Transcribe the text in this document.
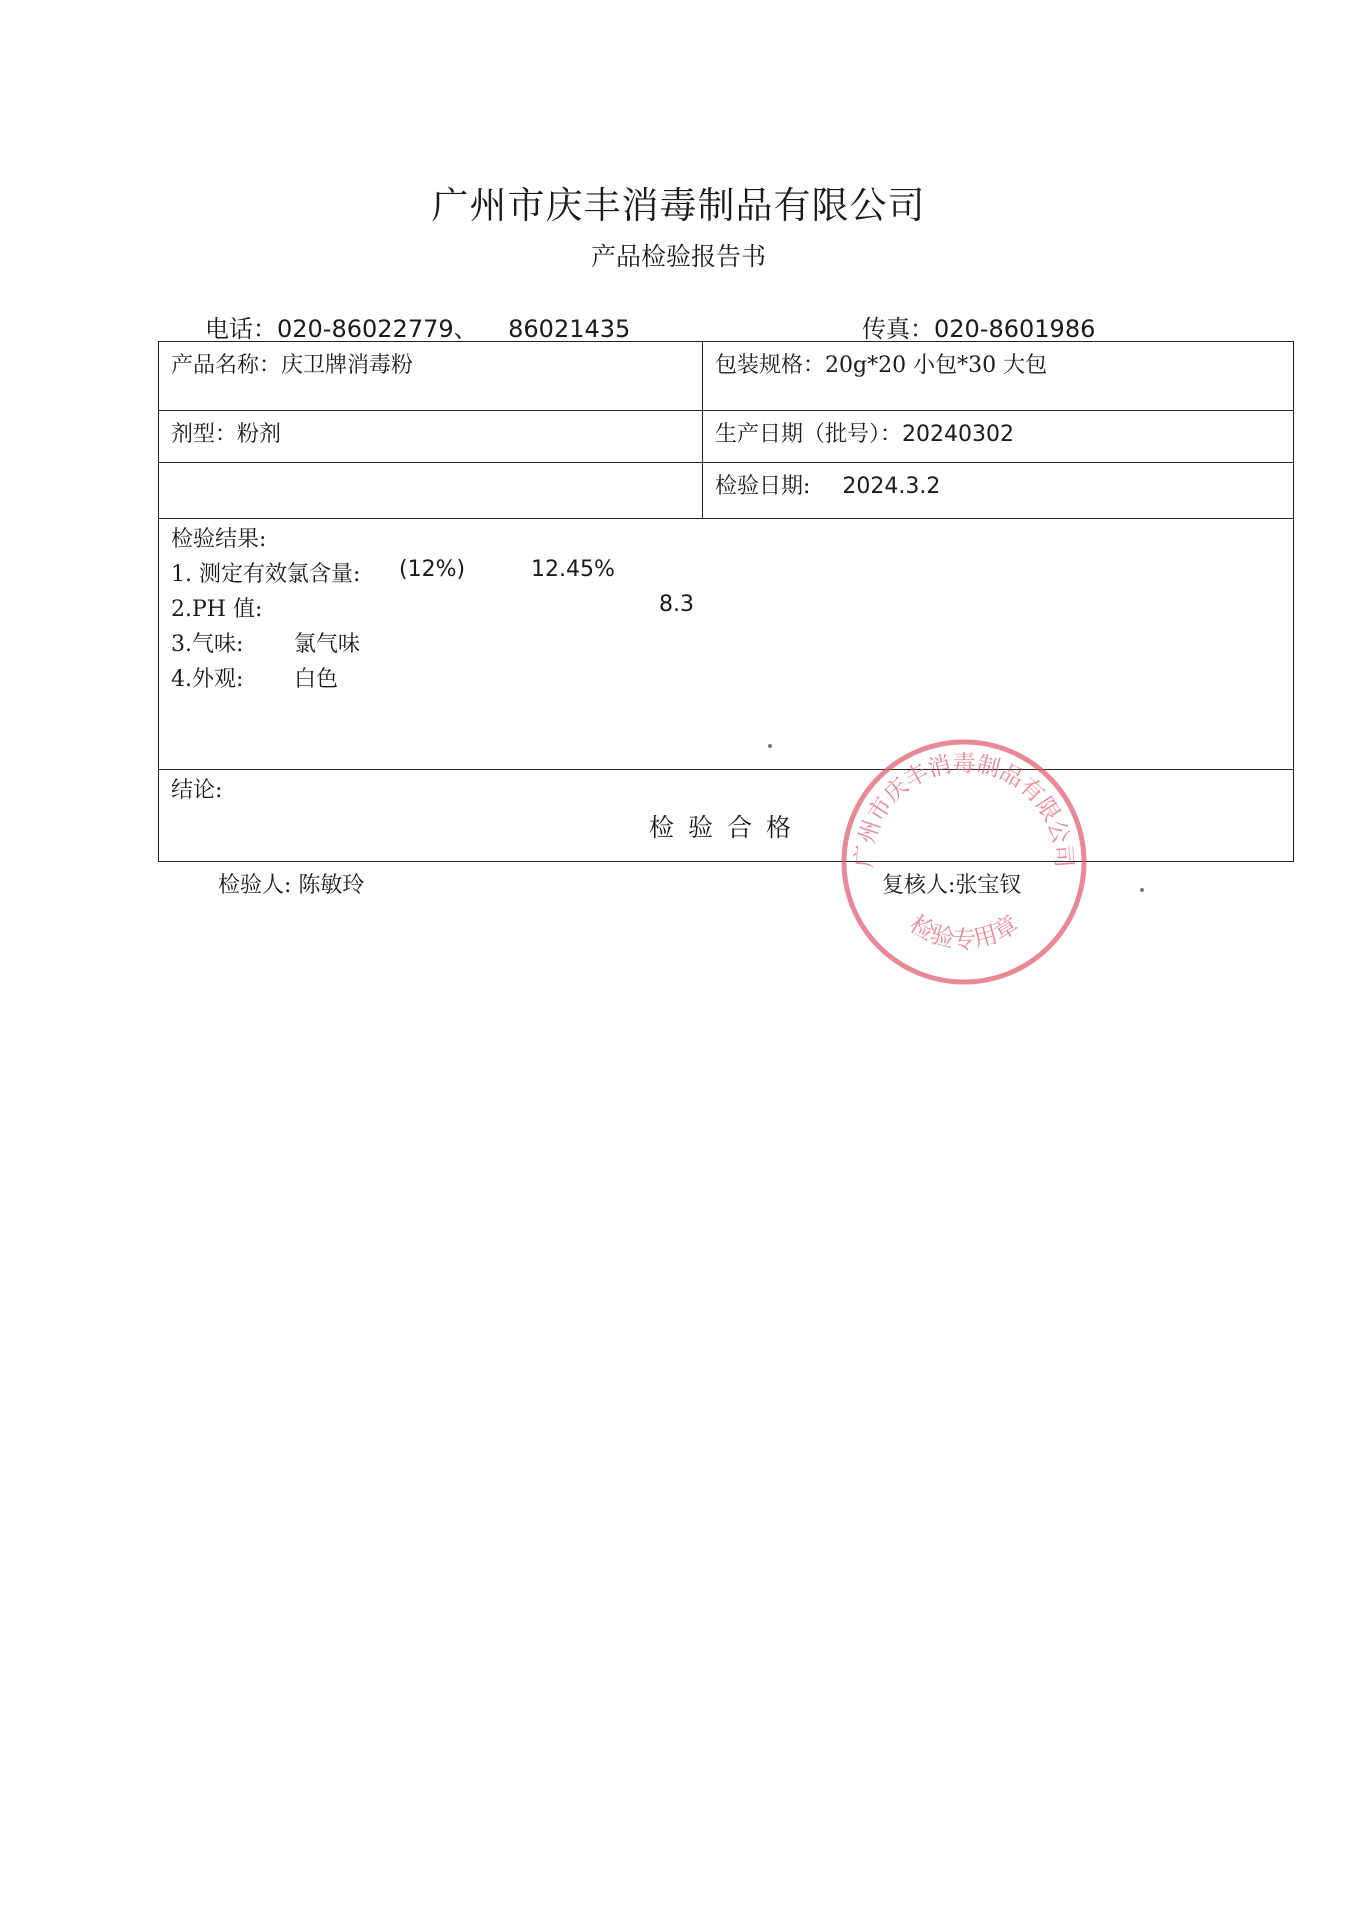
广州市庆丰消毒制品有限公司
产品检验报告书
电话：020-86022779、    86021435	传真：020-8601986
产品名称：庆卫牌消毒粉	包装规格：20g*20 小包*30 大包
剂型：粉剂	生产日期（批号）：20240302
检验日期: 2024.3.2
检验结果:
1. 测定有效氯含量: (12%)	12.45%
2.PH 值:	8.3
3.气味: 氯气味
4.外观: 白色
结论:
检验合格
检验人: 陈敏玲	复核人:张宝钗
广州市庆丰消毒制品有限公司
检验专用章
